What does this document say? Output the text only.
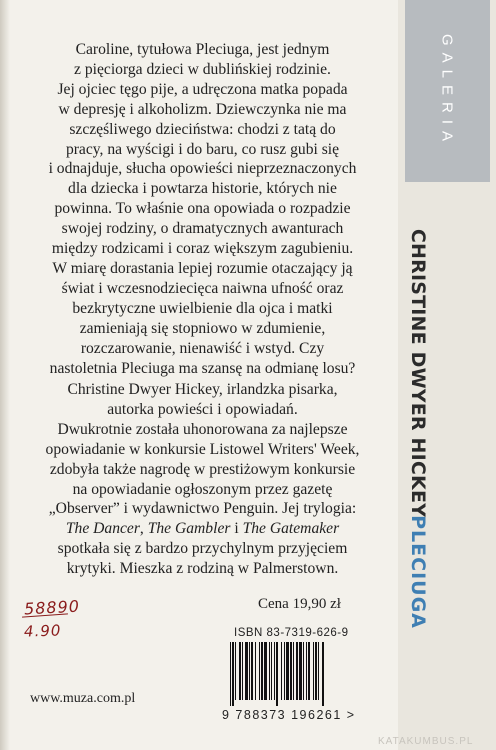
GALERIA
CHRISTINE DWYER HICKEY
PLECIUGA

Caroline, tytułowa Pleciuga, jest jednym

z pięciorga dzieci w dublińskiej rodzinie.

Jej ojciec tęgo pije, a udręczona matka popada

w depresję i alkoholizm. Dziewczynka nie ma

szczęśliwego dzieciństwa: chodzi z tatą do

pracy, na wyścigi i do baru, co rusz gubi się

i odnajduje, słucha opowieści nieprzeznaczonych

dla dziecka i powtarza historie, których nie

powinna. To właśnie ona opowiada o rozpadzie

swojej rodziny, o dramatycznych awanturach

między rodzicami i coraz większym zagubieniu.

W miarę dorastania lepiej rozumie otaczający ją

świat i wczesnodziecięca naiwna ufność oraz

bezkrytyczne uwielbienie dla ojca i matki

zamieniają się stopniowo w zdumienie,

rozczarowanie, nienawiść i wstyd. Czy

nastoletnia Pleciuga ma szansę na odmianę losu?

Christine Dwyer Hickey, irlandzka pisarka,

autorka powieści i opowiadań.

Dwukrotnie została uhonorowana za najlepsze

opowiadanie w konkursie Listowel Writers' Week,

zdobyła także nagrodę w prestiżowym konkursie

na opowiadanie ogłoszonym przez gazetę

„Observer” i wydawnictwo Penguin. Jej trylogia:

The Dancer, The Gambler i The Gatemaker

spotkała się z bardzo przychylnym przyjęciem

krytyki. Mieszka z rodziną w Palmerstown.

Cena 19,90 zł
58890
4.90	ISBN 83-7319-626-9
9 788373 196261 >
www.muza.com.pl
KATAKUMBUS.PL
